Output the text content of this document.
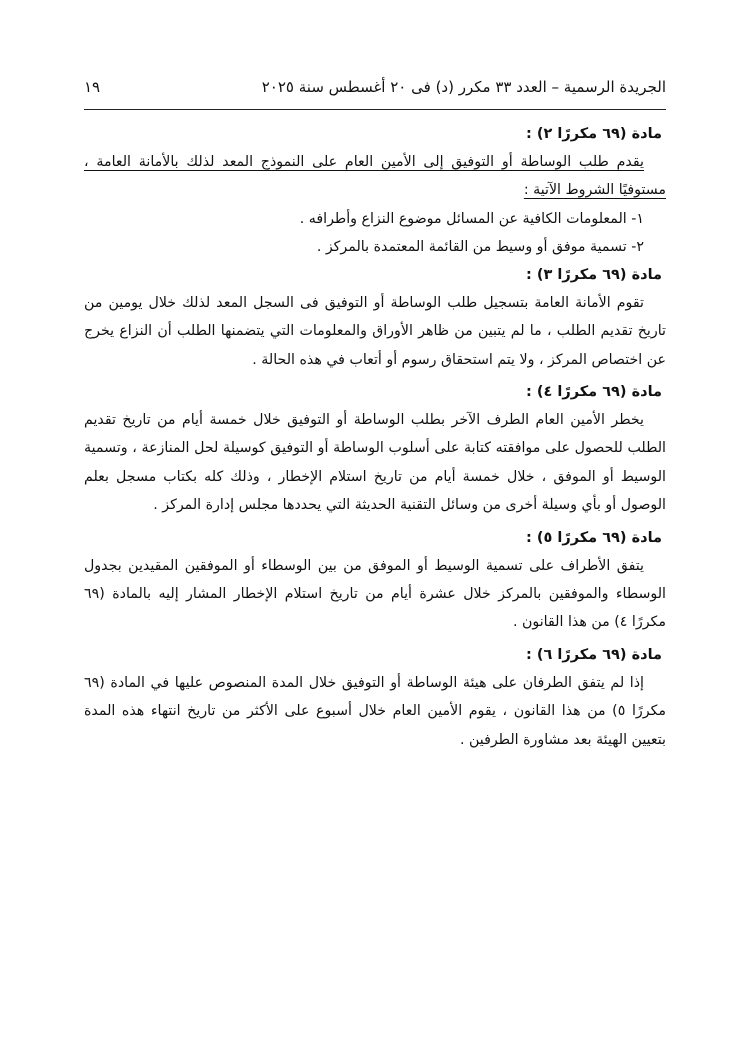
الجريدة الرسمية – العدد ٣٣ مكرر (د) فى ٢٠ أغسطس سنة ٢٠٢٥
١٩

مادة (٦٩ مكررًا ٢) :

يقدم طلب الوساطة أو التوفيق إلى الأمين العام على النموذج المعد لذلك بالأمانة العامة ، مستوفيًا الشروط الآتية :

١- المعلومات الكافية عن المسائل موضوع النزاع وأطرافه .

٢- تسمية موفق أو وسيط من القائمة المعتمدة بالمركز .

مادة (٦٩ مكررًا ٣) :

تقوم الأمانة العامة بتسجيل طلب الوساطة أو التوفيق فى السجل المعد لذلك خلال يومين من تاريخ تقديم الطلب ، ما لم يتبين من ظاهر الأوراق والمعلومات التي يتضمنها الطلب أن النزاع يخرج عن اختصاص المركز ، ولا يتم استحقاق رسوم أو أتعاب في هذه الحالة .

مادة (٦٩ مكررًا ٤) :

يخطر الأمين العام الطرف الآخر بطلب الوساطة أو التوفيق خلال خمسة أيام من تاريخ تقديم الطلب للحصول على موافقته كتابة على أسلوب الوساطة أو التوفيق كوسيلة لحل المنازعة ، وتسمية الوسيط أو الموفق ، خلال خمسة أيام من تاريخ استلام الإخطار ، وذلك كله بكتاب مسجل بعلم الوصول أو بأي وسيلة أخرى من وسائل التقنية الحديثة التي يحددها مجلس إدارة المركز .

مادة (٦٩ مكررًا ٥) :

يتفق الأطراف على تسمية الوسيط أو الموفق من بين الوسطاء أو الموفقين المقيدين بجدول الوسطاء والموفقين بالمركز خلال عشرة أيام من تاريخ استلام الإخطار المشار إليه بالمادة (٦٩ مكررًا ٤) من هذا القانون .

مادة (٦٩ مكررًا ٦) :

إذا لم يتفق الطرفان على هيئة الوساطة أو التوفيق خلال المدة المنصوص عليها في المادة (٦٩ مكررًا ٥) من هذا القانون ، يقوم الأمين العام خلال أسبوع على الأكثر من تاريخ انتهاء هذه المدة بتعيين الهيئة بعد مشاورة الطرفين .
